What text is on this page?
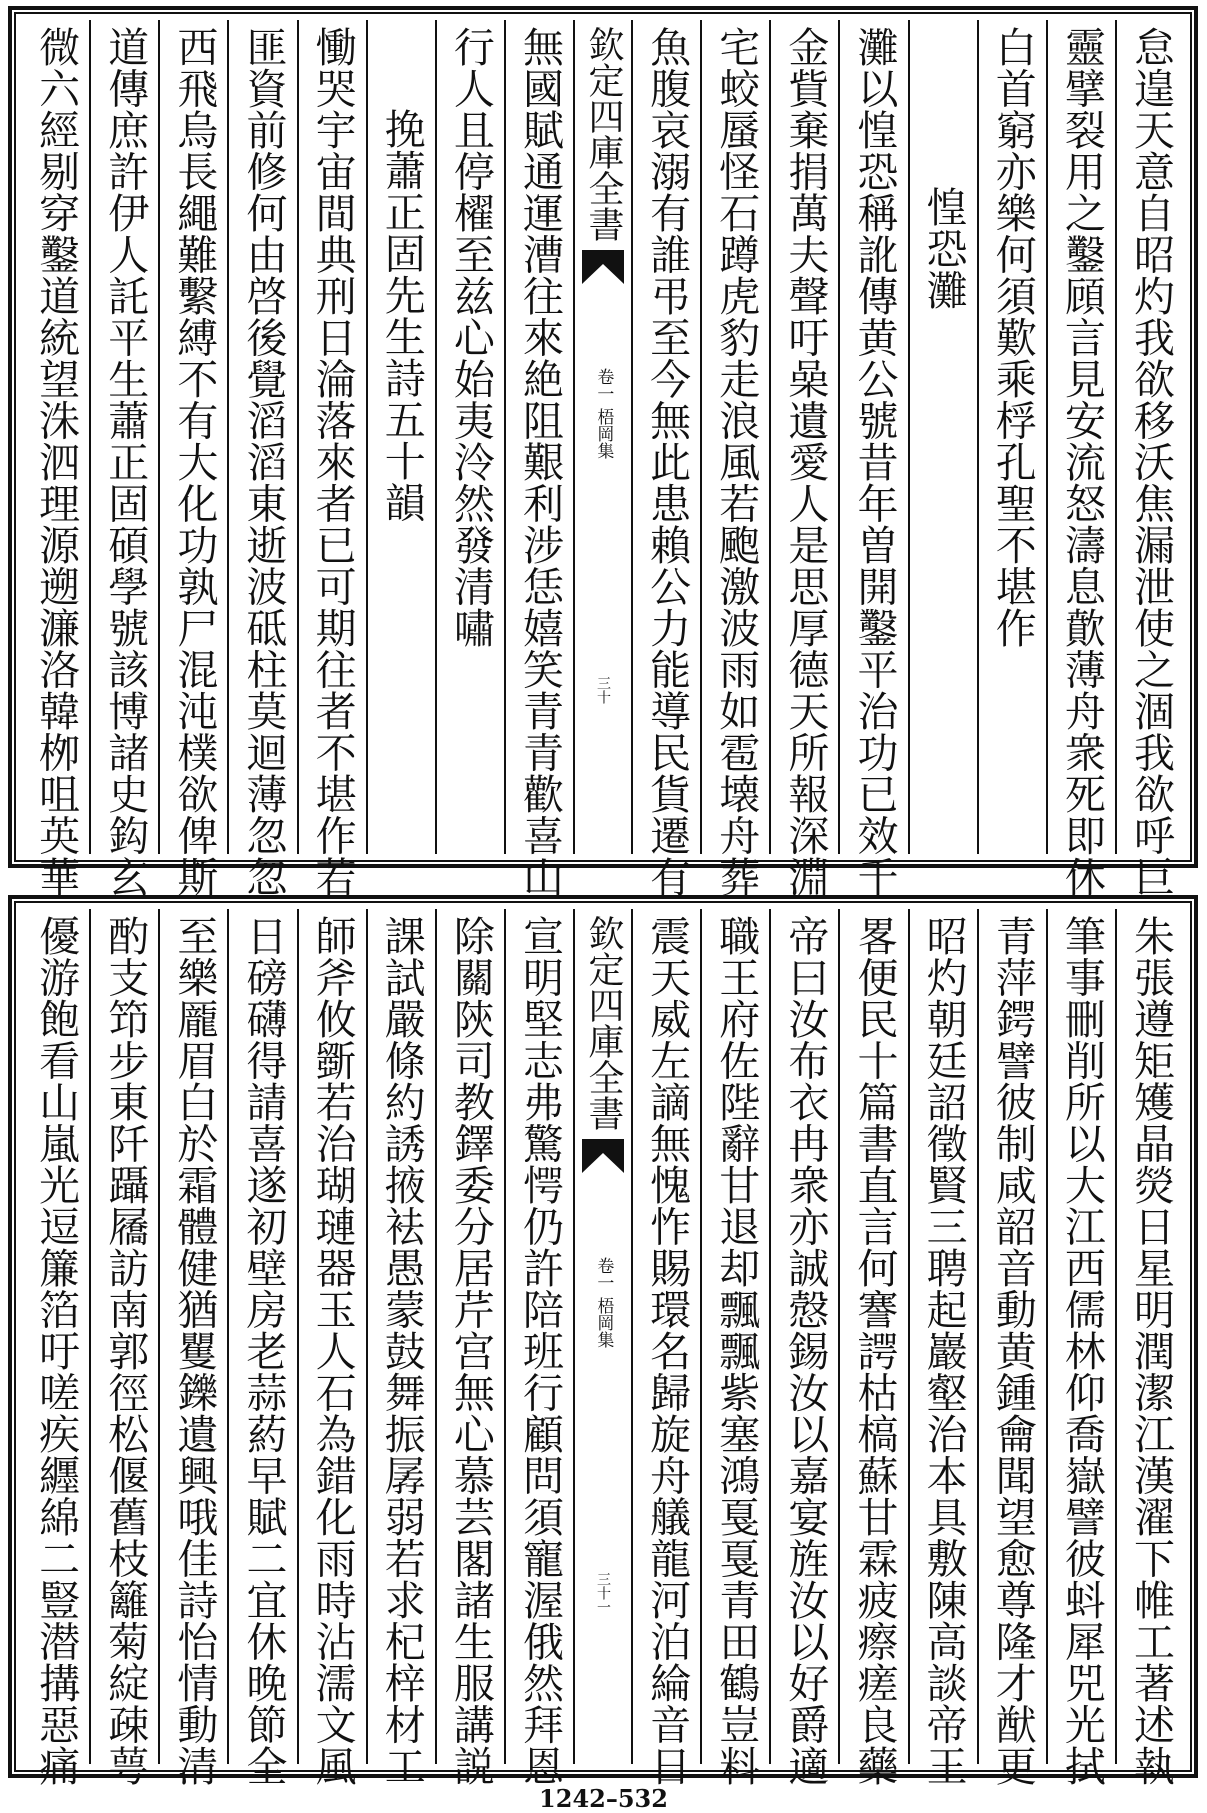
怠遑天意自昭灼我欲移沃焦漏泄使之涸我欲呼巨
靈擘裂用之鑿頋言見安流怒濤息歕薄舟衆死即休
白首窮亦樂何須歎乘桴孔聖不堪作
惶恐灘
灘以惶恐稱訛傳黄公號昔年曽開鑿平治功已效千
金貲棄捐萬夫聲吁喿遺愛人是思厚德天所報深淵
宅蛟蜃怪石蹲虎豹走浪風若颮激波雨如雹壊舟葬
魚腹哀溺有誰弔至今無此患賴公力能導民貨遷有
欽定四庫全書
梧岡集
卷一
三十
無國賦通運漕往來絶阻艱利涉恁嬉笑青青歡喜山
行人且停櫂至兹心始夷泠然發清嘯
挽蕭正固先生詩五十韻
慟哭宇宙間典刑日淪落來者已可期往者不堪作若
匪資前修何由啓後覺滔滔東逝波砥柱莫迴薄忽忽
西飛烏長繩難繫縛不有大化功孰尸混沌樸欲俾斯
道傳庶許伊人託平生蕭正固碩學號該博諸史鈎玄
微六經剔穿鑿道統望洙泗理源遡濂洛韓栁咀英華
朱張遵矩矱晶熒日星明潤潔江漢濯下帷工著述執
筆事刪削所以大江西儒林仰喬嶽譬彼蚪犀兕光拭
青萍鍔譬彼制咸韶音動黄鍾龠聞望愈尊隆才猷更
昭灼朝廷詔徵賢三聘起巖壑治本具敷陳高談帝王
畧便民十篇書直言何謇諤枯槁蘇甘霖疲瘵瘥良藥
帝曰汝布衣冉衆亦誠慤錫汝以嘉宴旌汝以好爵適
職王府佐陛辭甘退却飄飄紫塞鴻戛戛青田鶴豈料
震天威左謫無愧怍賜環名歸旋舟艤龍河泊綸音日
欽定四庫全書
梧岡集
卷一
三十一
宣明堅志弗驚愕仍許陪班行顧問須寵渥俄然拜恩
除關陝司教鐸委分居芹宫無心慕芸閣諸生服講説
課試嚴條約誘掖袪愚蒙鼓舞振孱弱若求杞梓材工
師斧攸斵若治瑚璉器玉人石為錯化雨時沾濡文風
日磅礴得請喜遂初壁房老蒜葯早賦二宜休晚節全
至樂龎眉白於霜體健猶矍鑠遺興哦佳詩怡情動清
酌支笻步東阡躡屩訪南郭徑松偃舊枝籬菊綻疎萼
優游飽看山嵐光逗簾箔吁嗟疾纒綿二豎潜搆惡痛
1242–532
